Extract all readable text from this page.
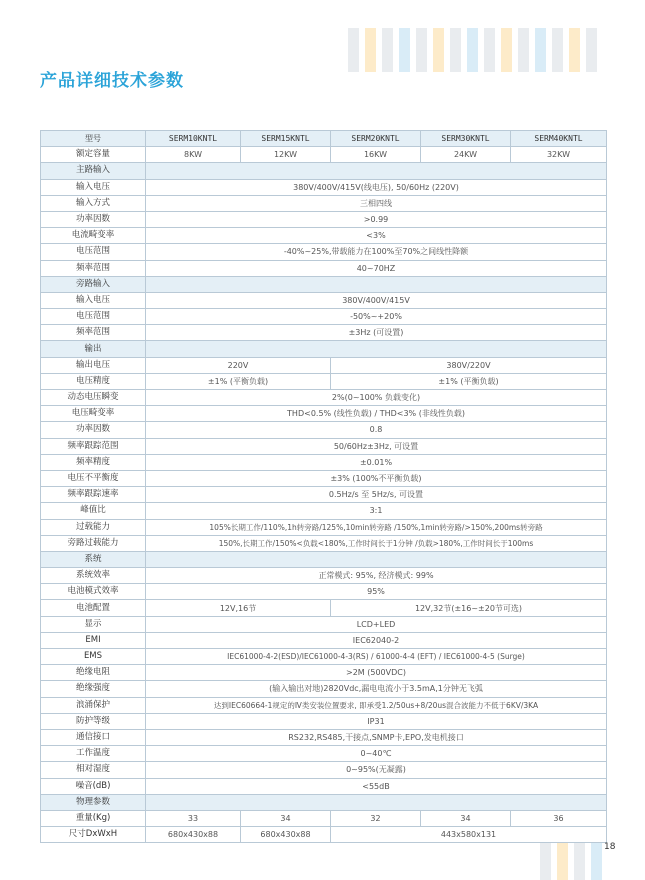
产品详细技术参数
型号	SERM10KNTL	SERM15KNTL	SERM20KNTL	SERM30KNTL	SERM40KNTL
额定容量	8KW	12KW	16KW	24KW	32KW
主路输入					
输入电压	380V/400V/415V(线电压), 50/60Hz (220V)				
输入方式	三相四线				
功率因数	>0.99				
电流畸变率	<3%				
电压范围	-40%~25%,带载能力在100%至70%之间线性降额				
频率范围	40~70HZ				
旁路输入					
输入电压	380V/400V/415V				
电压范围	-50%~+20%				
频率范围	±3Hz (可设置)				
输出					
输出电压	220V		380V/220V		
电压精度	±1% (平衡负载)		±1% (平衡负载)		
动态电压瞬变	2%(0~100% 负载变化)				
电压畸变率	THD<0.5% (线性负载) / THD<3% (非线性负载)				
功率因数	0.8				
频率跟踪范围	50/60Hz±3Hz, 可设置				
频率精度	±0.01%				
电压不平衡度	±3% (100%不平衡负载)				
频率跟踪速率	0.5Hz/s 至 5Hz/s, 可设置				
峰值比	3:1				
过载能力	105%长期工作/110%,1h转旁路/125%,10min转旁路 /150%,1min转旁路/>150%,200ms转旁路				
旁路过载能力	150%,长期工作/150%<负载<180%,工作时间长于1分钟 /负载>180%,工作时间长于100ms				
系统					
系统效率	正常模式: 95%, 经济模式: 99%				
电池模式效率	95%				
电池配置	12V,16节		12V,32节(±16~±20节可选)		
显示	LCD+LED				
EMI	IEC62040-2				
EMS	IEC61000-4-2(ESD)/IEC61000-4-3(RS) / 61000-4-4 (EFT) / IEC61000-4-5 (Surge)				
绝缘电阻	>2M (500VDC)				
绝缘强度	(输入输出对地)2820Vdc,漏电电流小于3.5mA,1分钟无飞弧				
浪涌保护	达到IEC60664-1规定的Ⅳ类安装位置要求, 即承受1.2/50us+8/20us混合波能力不低于6KV/3KA				
防护等级	IP31				
通信接口	RS232,RS485,干接点,SNMP卡,EPO,发电机接口				
工作温度	0~40℃				
相对湿度	0~95%(无凝露)				
噪音(dB)	<55dB				
物理参数					
重量(Kg)	33	34	32	34	36
尺寸DxWxH	680x430x88	680x430x88	443x580x131		
18
